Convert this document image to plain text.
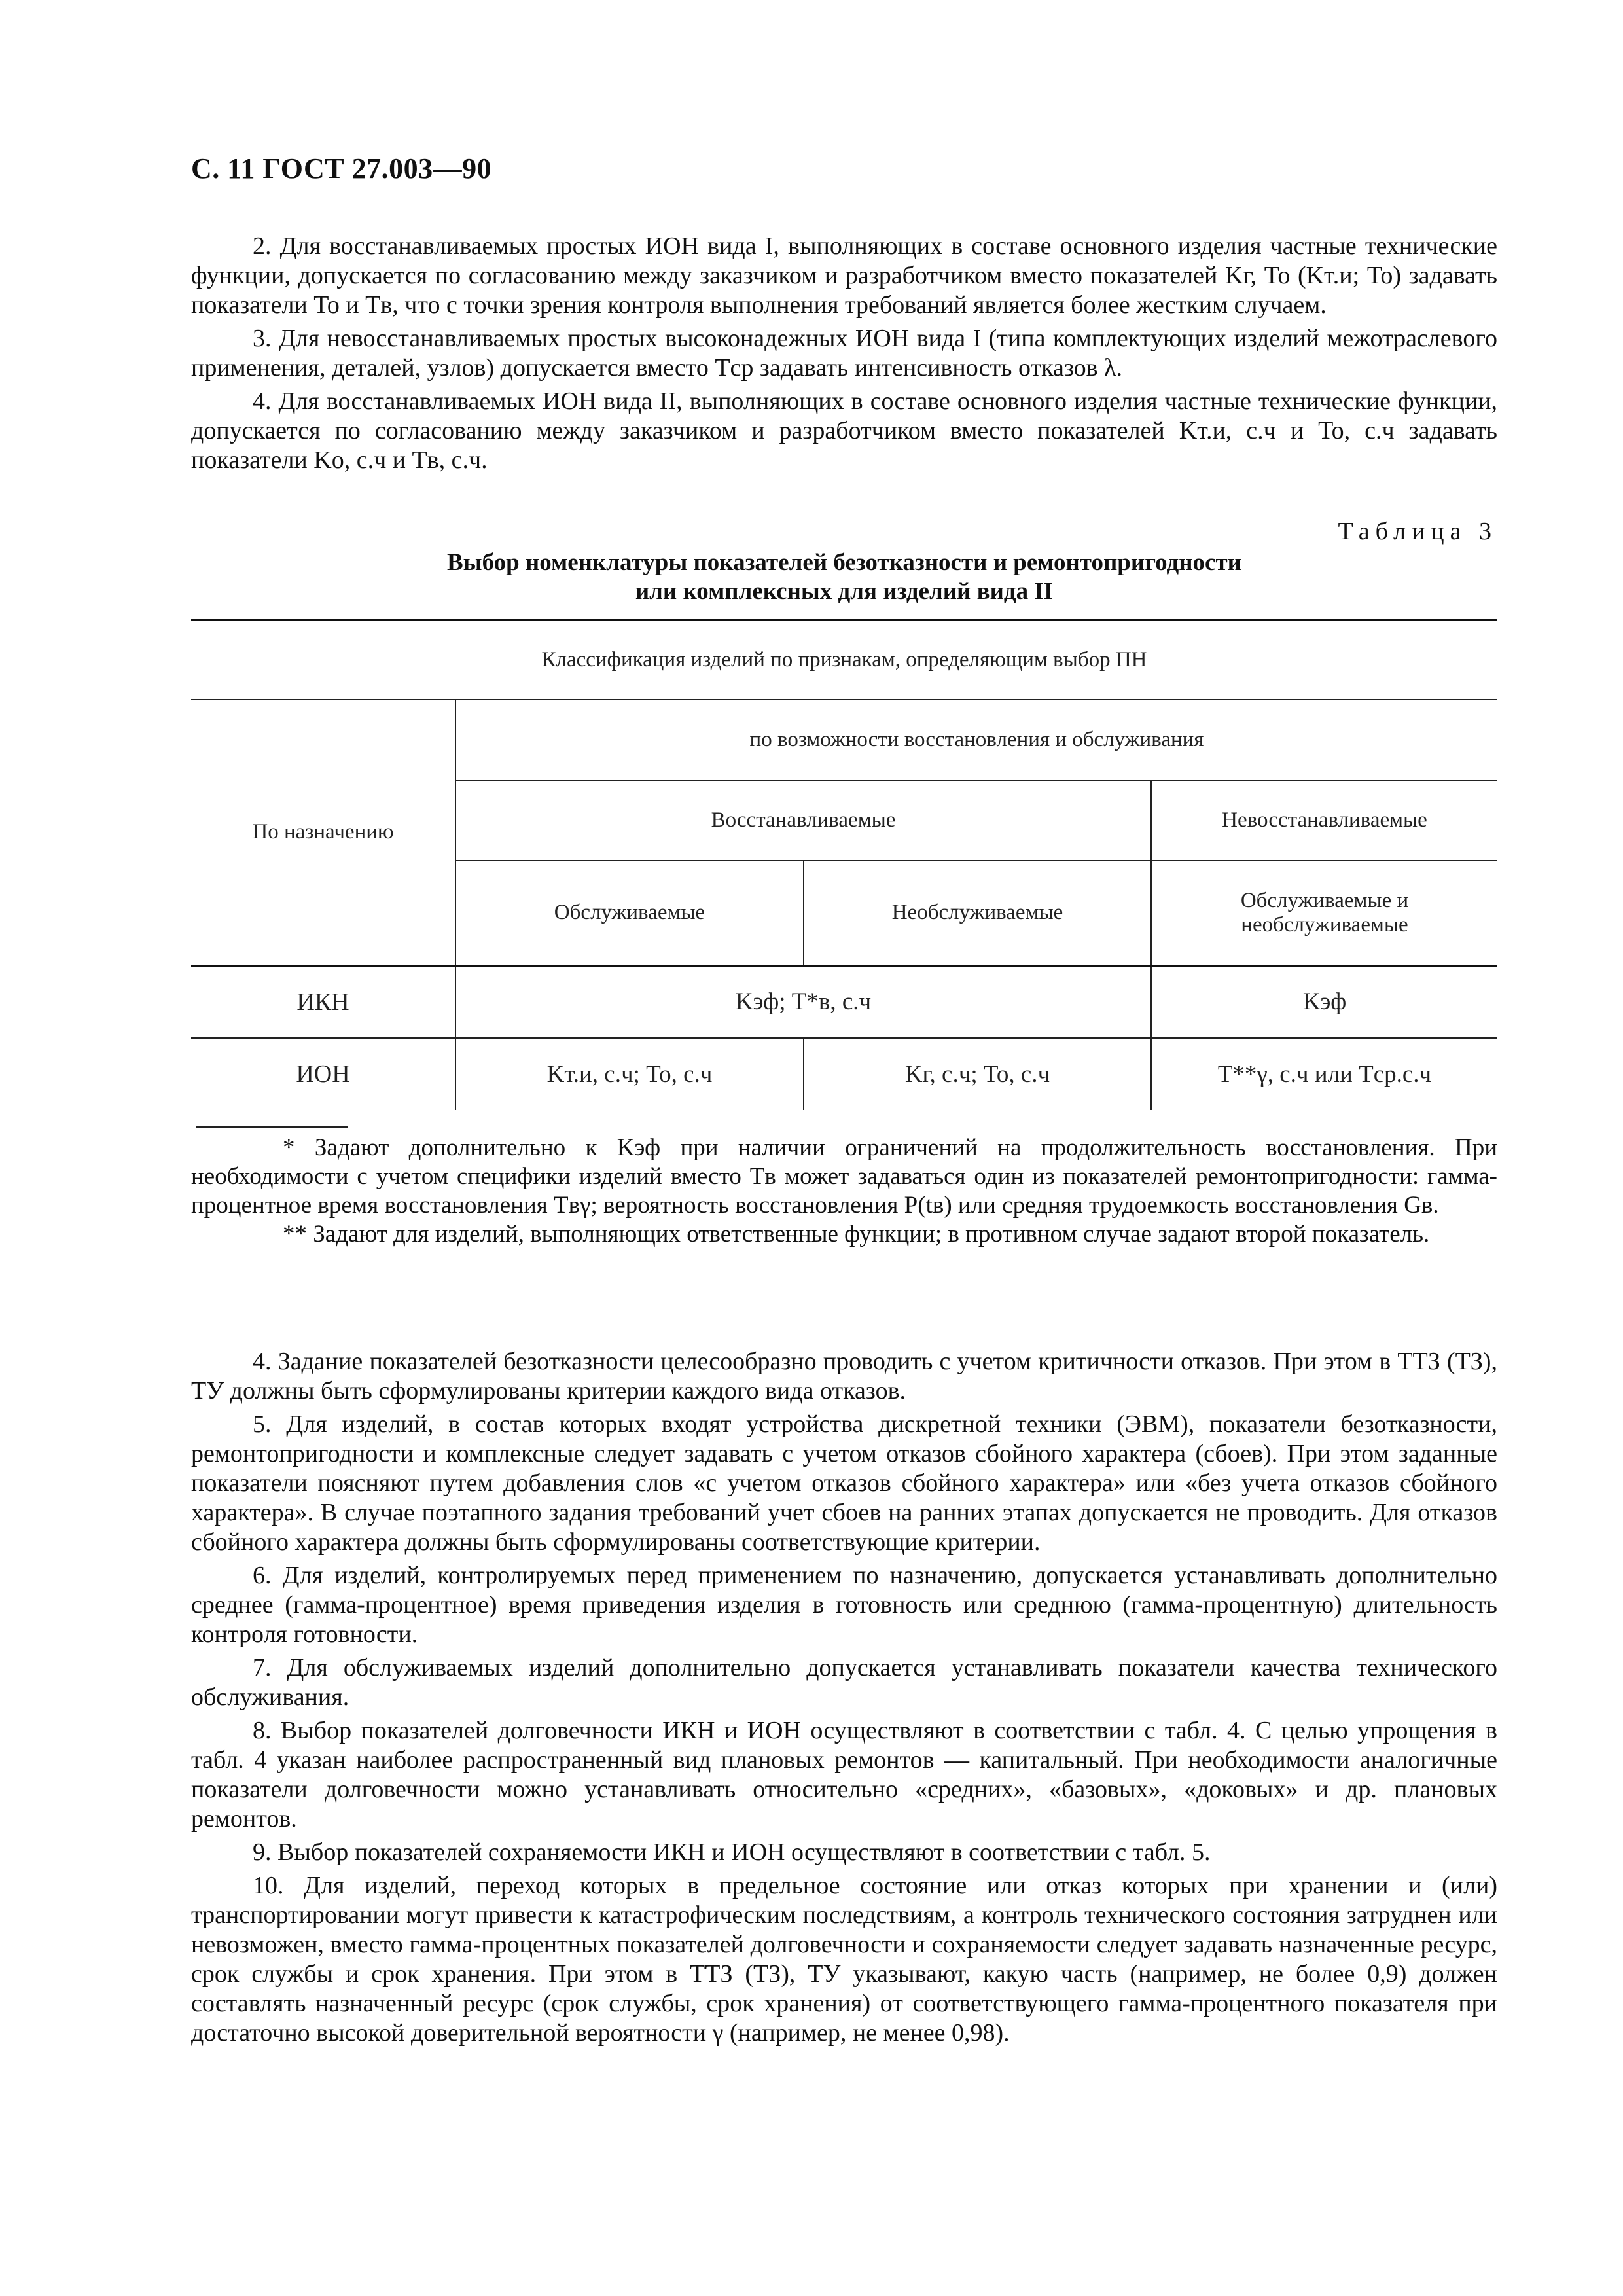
С. 11 ГОСТ 27.003—90

2. Для восстанавливаемых простых ИОН вида I, выполняющих в составе основного изделия частные технические функции, допускается по согласованию между заказчиком и разработчиком вместо показателей Kг, To (Kт.и; To) задавать показатели To и Tв, что с точки зрения контроля выполнения требований является более жестким случаем.

3. Для невосстанавливаемых простых высоконадежных ИОН вида I (типа комплектующих изделий межотраслевого применения, деталей, узлов) допускается вместо Tср задавать интенсивность отказов λ.

4. Для восстанавливаемых ИОН вида II, выполняющих в составе основного изделия частные технические функции, допускается по согласованию между заказчиком и разработчиком вместо показателей Kт.и, с.ч и To, с.ч задавать показатели Kо, с.ч и Tв, с.ч.

Таблица 3
Выбор номенклатуры показателей безотказности и ремонтопригодности
или комплексных для изделий вида II
Классификация изделий по признакам, определяющим выбор ПН			
По назначению	по возможности восстановления и обслуживания		
	Восстанавливаемые		Невосстанавливаемые
	Обслуживаемые	Необслуживаемые	Обслуживаемые и необслуживаемые
ИКН	Kэф; T*в, с.ч		Kэф
ИОН	Kт.и, с.ч; To, с.ч	Kг, с.ч; To, с.ч	T**γ, с.ч или Tср.с.ч

* Задают дополнительно к Kэф при наличии ограничений на продолжительность восстановления. При необходимости с учетом специфики изделий вместо Tв может задаваться один из показателей ремонтопригодности: гамма-процентное время восстановления Tвγ; вероятность восстановления P(tв) или средняя трудоемкость восстановления Gв.

** Задают для изделий, выполняющих ответственные функции; в противном случае задают второй показатель.

4. Задание показателей безотказности целесообразно проводить с учетом критичности отказов. При этом в ТТЗ (ТЗ), ТУ должны быть сформулированы критерии каждого вида отказов.

5. Для изделий, в состав которых входят устройства дискретной техники (ЭВМ), показатели безотказности, ремонтопригодности и комплексные следует задавать с учетом отказов сбойного характера (сбоев). При этом заданные показатели поясняют путем добавления слов «с учетом отказов сбойного характера» или «без учета отказов сбойного характера». В случае поэтапного задания требований учет сбоев на ранних этапах допускается не проводить. Для отказов сбойного характера должны быть сформулированы соответствующие критерии.

6. Для изделий, контролируемых перед применением по назначению, допускается устанавливать дополнительно среднее (гамма-процентное) время приведения изделия в готовность или среднюю (гамма-процентную) длительность контроля готовности.

7. Для обслуживаемых изделий дополнительно допускается устанавливать показатели качества технического обслуживания.

8. Выбор показателей долговечности ИКН и ИОН осуществляют в соответствии с табл. 4. С целью упрощения в табл. 4 указан наиболее распространенный вид плановых ремонтов — капитальный. При необходимости аналогичные показатели долговечности можно устанавливать относительно «средних», «базовых», «доковых» и др. плановых ремонтов.

9. Выбор показателей сохраняемости ИКН и ИОН осуществляют в соответствии с табл. 5.

10. Для изделий, переход которых в предельное состояние или отказ которых при хранении и (или) транспортировании могут привести к катастрофическим последствиям, а контроль технического состояния затруднен или невозможен, вместо гамма-процентных показателей долговечности и сохраняемости следует задавать назначенные ресурс, срок службы и срок хранения. При этом в ТТЗ (ТЗ), ТУ указывают, какую часть (например, не более 0,9) должен составлять назначенный ресурс (срок службы, срок хранения) от соответствующего гамма-процентного показателя при достаточно высокой доверительной вероятности γ (например, не менее 0,98).
